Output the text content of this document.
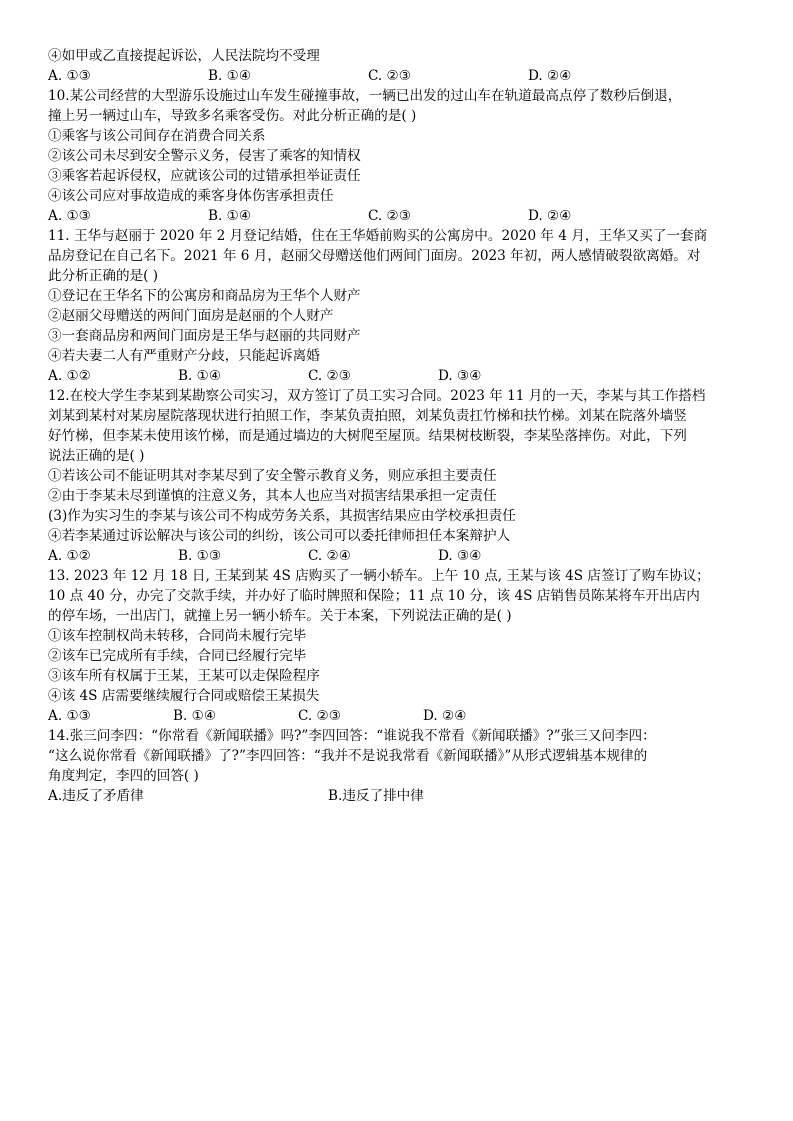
④如甲或乙直接提起诉讼，人民法院均不受理
A. ①③	B. ①④	C. ②③	D. ②④
10.某公司经营的大型游乐设施过山车发生碰撞事故，一辆已出发的过山车在轨道最高点停了数秒后倒退，
撞上另一辆过山车，导致多名乘客受伤。对此分析正确的是( )
①乘客与该公司间存在消费合同关系
②该公司未尽到安全警示义务，侵害了乘客的知情权
③乘客若起诉侵权，应就该公司的过错承担举证责任
④该公司应对事故造成的乘客身体伤害承担责任
A. ①③	B. ①④	C. ②③	D. ②④
11. 王华与赵丽于 2020 年 2 月登记结婚，住在王华婚前购买的公寓房中。2020 年 4 月，王华又买了一套商
品房登记在自己名下。2021 年 6 月，赵丽父母赠送他们两间门面房。2023 年初，两人感情破裂欲离婚。对
此分析正确的是( )
①登记在王华名下的公寓房和商品房为王华个人财产
②赵丽父母赠送的两间门面房是赵丽的个人财产
③一套商品房和两间门面房是王华与赵丽的共同财产
④若夫妻二人有严重财产分歧，只能起诉离婚
A. ①②	B. ①④	C. ②③	D. ③④
12.在校大学生李某到某勘察公司实习，双方签订了员工实习合同。2023 年 11 月的一天，李某与其工作搭档
刘某到某村对某房屋院落现状进行拍照工作，李某负责拍照，刘某负责扛竹梯和扶竹梯。刘某在院落外墙竖
好竹梯，但李某未使用该竹梯，而是通过墙边的大树爬至屋顶。结果树枝断裂，李某坠落摔伤。对此，下列
说法正确的是( )
①若该公司不能证明其对李某尽到了安全警示教育义务，则应承担主要责任
②由于李某未尽到谨慎的注意义务，其本人也应当对损害结果承担一定责任
(3)作为实习生的李某与该公司不构成劳务关系，其损害结果应由学校承担责任
④若李某通过诉讼解决与该公司的纠纷，该公司可以委托律师担任本案辩护人
A. ①②	B. ①③	C. ②④	D. ③④
13. 2023 年 12 月 18 日, 王某到某 4S 店购买了一辆小轿车。上午 10 点, 王某与该 4S 店签订了购车协议；
10 点 40 分，办完了交款手续，并办好了临时牌照和保险；11 点 10 分，该 4S 店销售员陈某将车开出店内
的停车场，一出店门，就撞上另一辆小轿车。关于本案，下列说法正确的是( )
①该车控制权尚未转移，合同尚未履行完毕
②该车已完成所有手续，合同已经履行完毕
③该车所有权属于王某，王某可以走保险程序
④该 4S 店需要继续履行合同或赔偿王某损失
A. ①③	B. ①④	C. ②③	D. ②④
14.张三问李四：“你常看《新闻联播》吗?”李四回答：“谁说我不常看《新闻联播》?”张三又问李四：
“这么说你常看《新闻联播》了?”李四回答：“我并不是说我常看《新闻联播》”从形式逻辑基本规律的
角度判定，李四的回答( )
A.违反了矛盾律	B.违反了排中律
